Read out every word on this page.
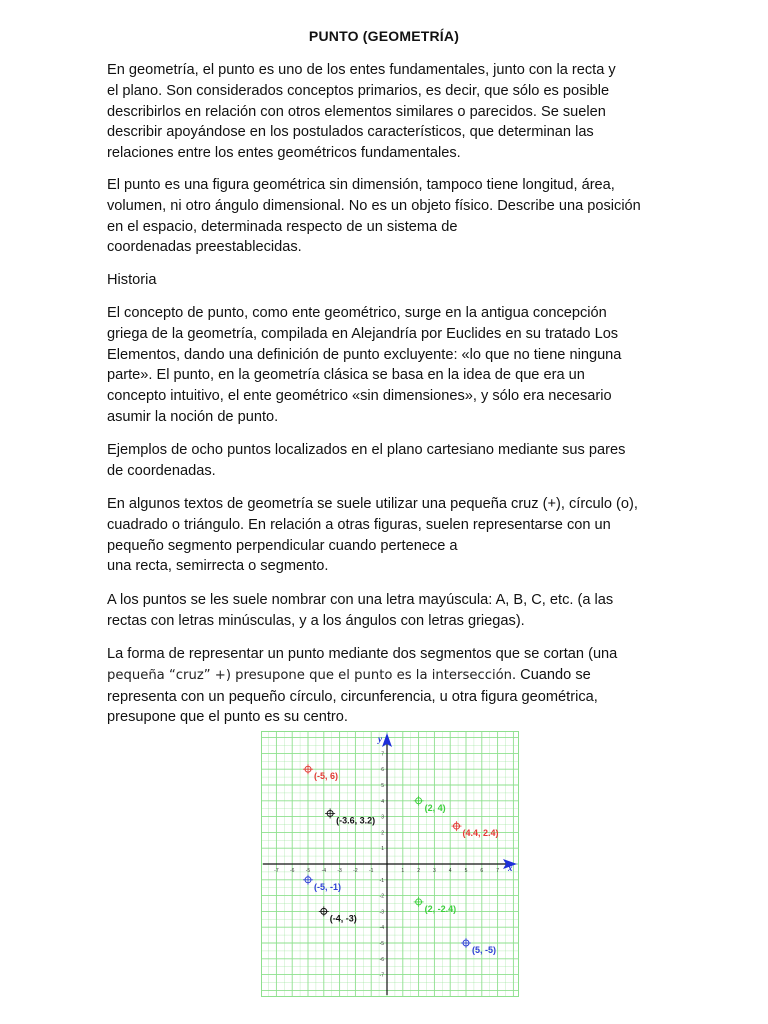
PUNTO (GEOMETRÍA)
En geometría, el punto es uno de los entes fundamentales, junto con la recta y
el plano. Son considerados conceptos primarios, es decir, que sólo es posible
describirlos en relación con otros elementos similares o parecidos. Se suelen
describir apoyándose en los postulados característicos, que determinan las
relaciones entre los entes geométricos fundamentales.
El punto es una figura geométrica sin dimensión, tampoco tiene longitud, área,
volumen, ni otro ángulo dimensional. No es un objeto físico. Describe una posición
en el espacio, determinada respecto de un sistema de
coordenadas preestablecidas.
Historia
El concepto de punto, como ente geométrico, surge en la antigua concepción
griega de la geometría, compilada en Alejandría por Euclides en su tratado Los
Elementos, dando una definición de punto excluyente: «lo que no tiene ninguna
parte». El punto, en la geometría clásica se basa en la idea de que era un
concepto intuitivo, el ente geométrico «sin dimensiones», y sólo era necesario
asumir la noción de punto.
Ejemplos de ocho puntos localizados en el plano cartesiano mediante sus pares
de coordenadas.
En algunos textos de geometría se suele utilizar una pequeña cruz (+), círculo (o),
cuadrado o triángulo. En relación a otras figuras, suelen representarse con un
pequeño segmento perpendicular cuando pertenece a
una recta, semirrecta o segmento.
A los puntos se les suele nombrar con una letra mayúscula: A, B, C, etc. (a las
rectas con letras minúsculas, y a los ángulos con letras griegas).
La forma de representar un punto mediante dos segmentos que se cortan (una
pequeña “cruz” +) presupone que el punto es la intersección. Cuando se
representa con un pequeño círculo, circunferencia, u otra figura geométrica,
presupone que el punto es su centro.
x
y
-7 -6 -5 -4 -3 -2 -1	1	2	3	4	5	6	7
-7
-6
-5
-4
-3
-2
-1
1
2
3
4
5
6
7
(-5, 6)
(-3.6, 3.2)
(2, 4)
(4.4, 2.4)
(-5, -1)
(-4, -3)
(2, -2.4)
(5, -5)
